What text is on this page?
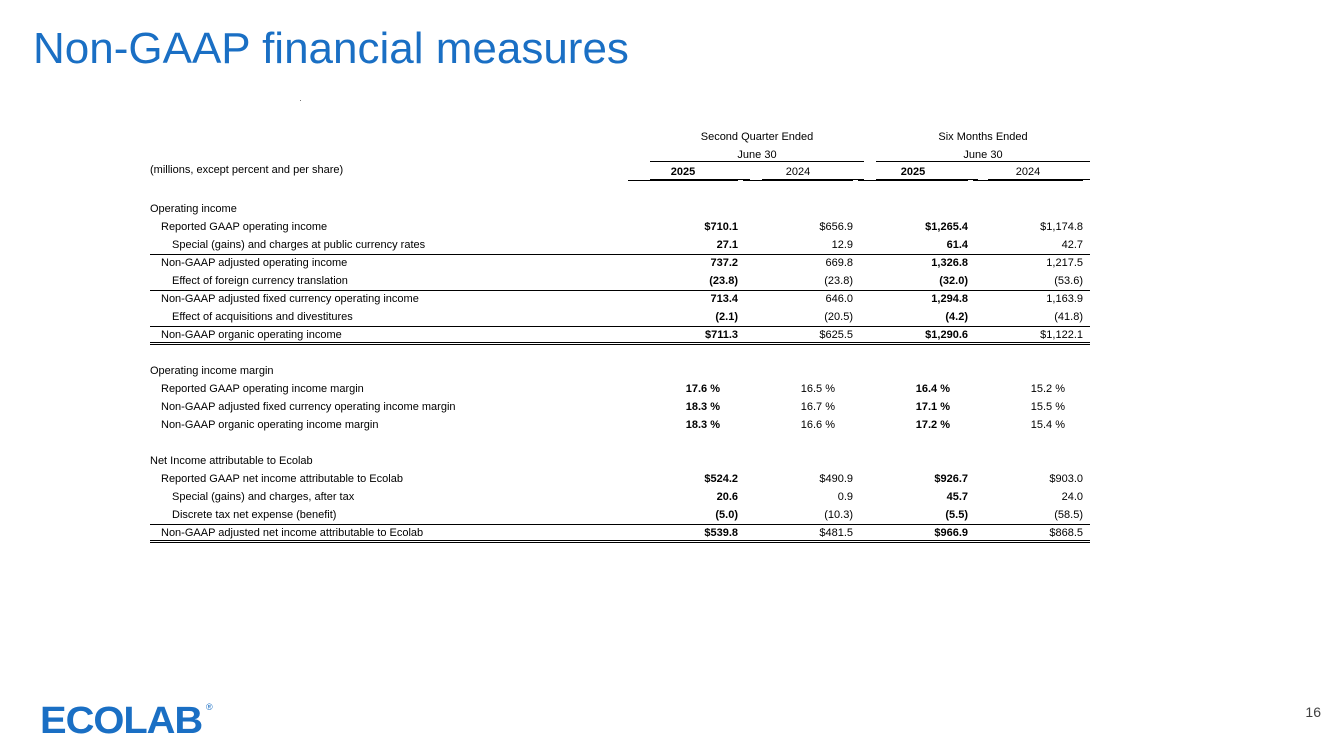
Non-GAAP financial measures
Second Quarter Ended	Six Months Ended
June 30	June 30
(millions, except percent and per share)	2025	2024	2025	2024
Operating income
Reported GAAP operating income	$710.1	$656.9	$1,265.4	$1,174.8
Special (gains) and charges at public currency rates	27.1	12.9	61.4	42.7
Non-GAAP adjusted operating income	737.2	669.8	1,326.8	1,217.5
Effect of foreign currency translation	(23.8)	(23.8)	(32.0)	(53.6)
Non-GAAP adjusted fixed currency operating income	713.4	646.0	1,294.8	1,163.9
Effect of acquisitions and divestitures	(2.1)	(20.5)	(4.2)	(41.8)
Non-GAAP organic operating income	$711.3	$625.5	$1,290.6	$1,122.1
Operating income margin
Reported GAAP operating income margin	17.6 %	16.5 %	16.4 %	15.2 %
Non-GAAP adjusted fixed currency operating income margin	18.3 %	16.7 %	17.1 %	15.5 %
Non-GAAP organic operating income margin	18.3 %	16.6 %	17.2 %	15.4 %
Net Income attributable to Ecolab
Reported GAAP net income attributable to Ecolab	$524.2	$490.9	$926.7	$903.0
Special (gains) and charges, after tax	20.6	0.9	45.7	24.0
Discrete tax net expense (benefit)	(5.0)	(10.3)	(5.5)	(58.5)
Non-GAAP adjusted net income attributable to Ecolab	$539.8	$481.5	$966.9	$868.5
ECOLAB ®	16
